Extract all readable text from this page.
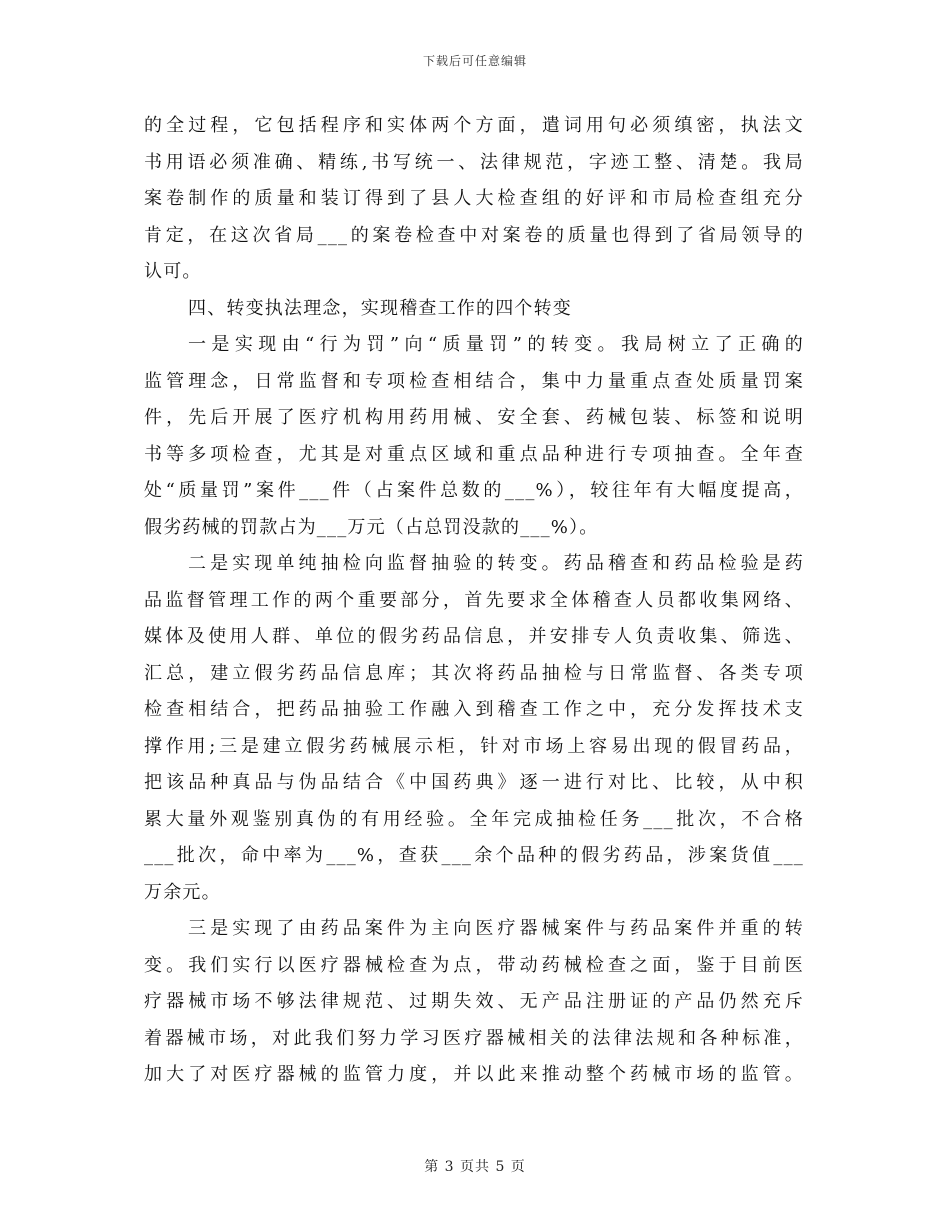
下载后可任意编辑
的全过程，它包括程序和实体两个方面，遣词用句必须缜密，执法文
书用语必须准确、精练,书写统一、法律规范，字迹工整、清楚。我局
案卷制作的质量和装订得到了县人大检查组的好评和市局检查组充分
肯定，在这次省局___的案卷检查中对案卷的质量也得到了省局领导的
认可。
四、转变执法理念，实现稽查工作的四个转变
一是实现由“行为罚”向“质量罚”的转变。我局树立了正确的
监管理念，日常监督和专项检查相结合，集中力量重点查处质量罚案
件，先后开展了医疗机构用药用械、安全套、药械包装、标签和说明
书等多项检查，尤其是对重点区域和重点品种进行专项抽查。全年查
处“质量罚”案件___件（占案件总数的___%），较往年有大幅度提高，
假劣药械的罚款占为___万元（占总罚没款的___%）。
二是实现单纯抽检向监督抽验的转变。药品稽查和药品检验是药
品监督管理工作的两个重要部分，首先要求全体稽查人员都收集网络、
媒体及使用人群、单位的假劣药品信息，并安排专人负责收集、筛选、
汇总，建立假劣药品信息库；其次将药品抽检与日常监督、各类专项
检查相结合，把药品抽验工作融入到稽查工作之中，充分发挥技术支
撑作用;三是建立假劣药械展示柜，针对市场上容易出现的假冒药品，
把该品种真品与伪品结合《中国药典》逐一进行对比、比较，从中积
累大量外观鉴别真伪的有用经验。全年完成抽检任务___批次，不合格
___批次，命中率为___%，查获___余个品种的假劣药品，涉案货值___
万余元。
三是实现了由药品案件为主向医疗器械案件与药品案件并重的转
变。我们实行以医疗器械检查为点，带动药械检查之面，鉴于目前医
疗器械市场不够法律规范、过期失效、无产品注册证的产品仍然充斥
着器械市场，对此我们努力学习医疗器械相关的法律法规和各种标准，
加大了对医疗器械的监管力度，并以此来推动整个药械市场的监管。
第 3 页共 5 页
